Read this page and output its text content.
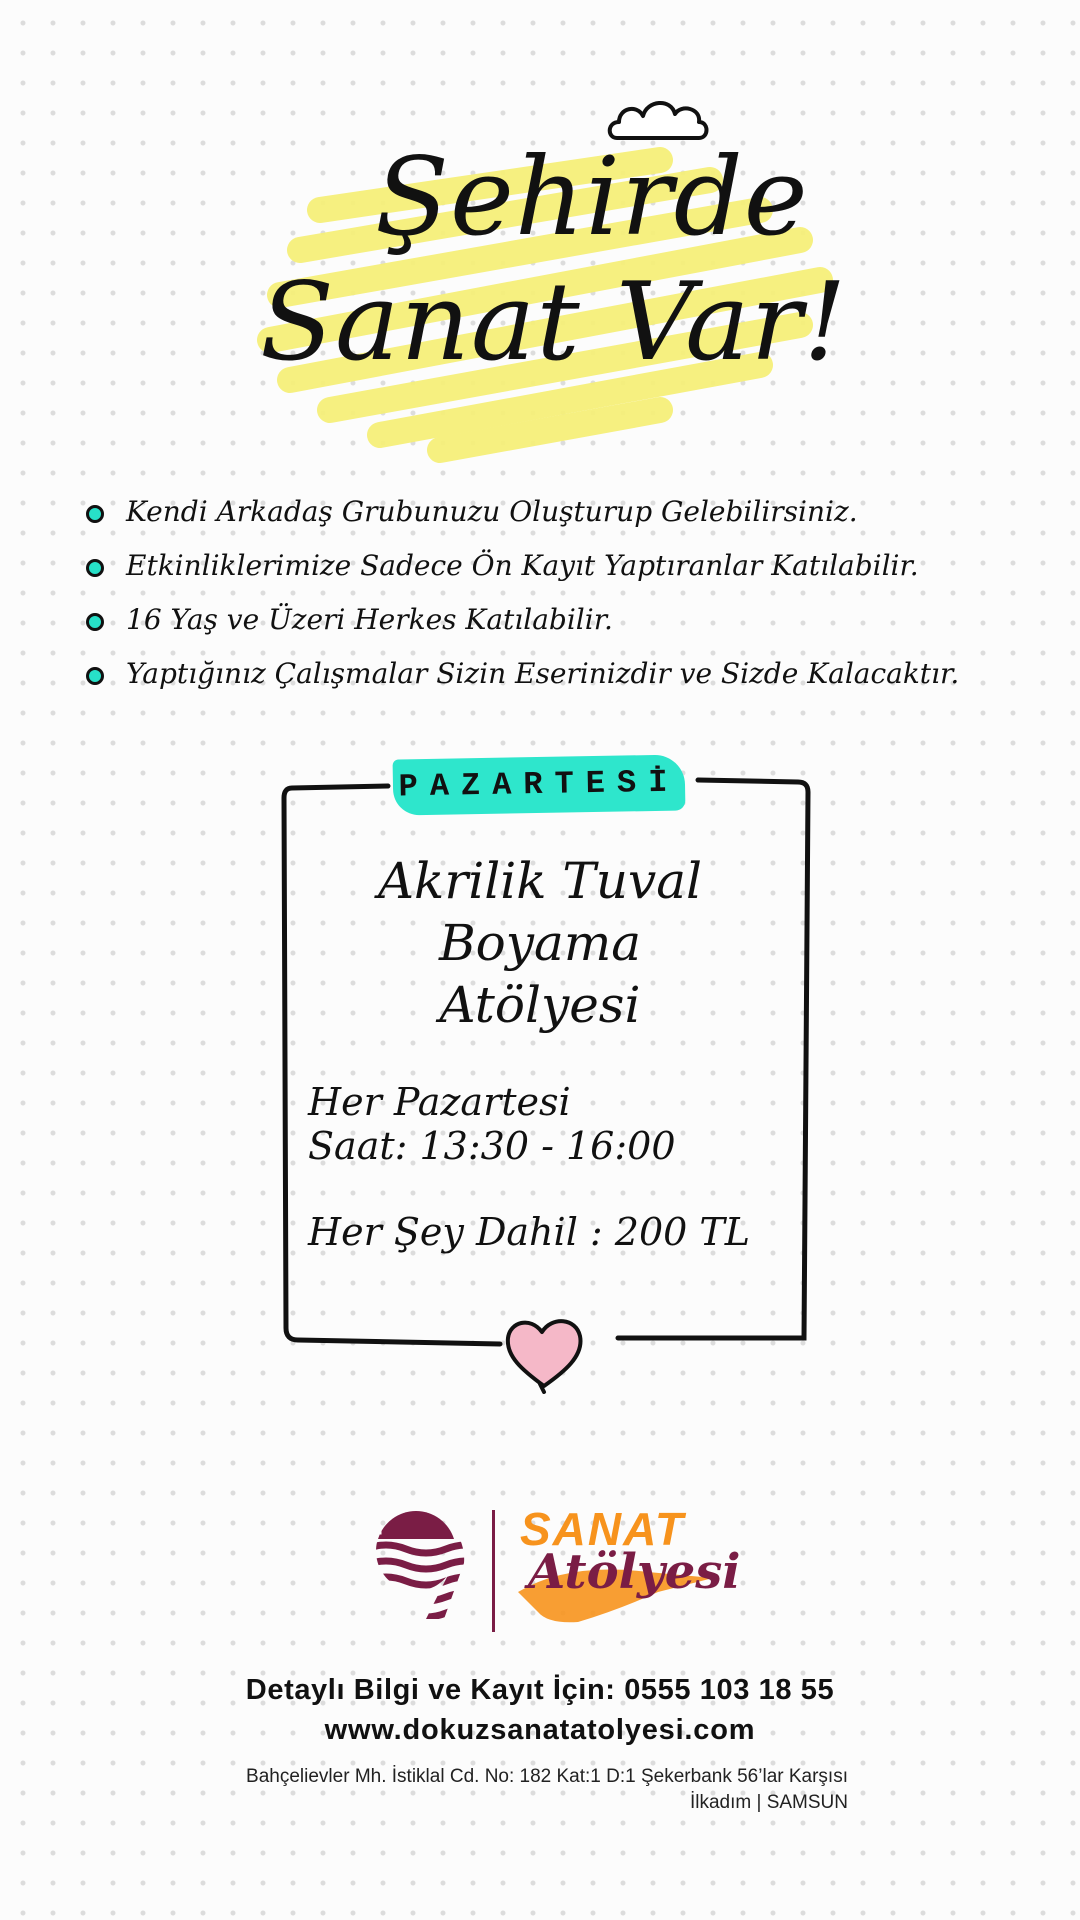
Şehirde
Sanat Var!
Kendi Arkadaş Grubunuzu Oluşturup Gelebilirsiniz.
Etkinliklerimize Sadece Ön Kayıt Yaptıranlar Katılabilir.
16 Yaş ve Üzeri Herkes Katılabilir.
Yaptığınız Çalışmalar Sizin Eserinizdir ve Sizde Kalacaktır.
PAZARTESİ
Akrilik Tuval
Boyama
Atölyesi
Her Pazartesi
Saat: 13:30 - 16:00
Her Şey Dahil : 200 TL
SANAT
Atölyesi
Detaylı Bilgi ve Kayıt İçin: 0555 103 18 55
www.dokuzsanatatolyesi.com
Bahçelievler Mh. İstiklal Cd. No: 182 Kat:1 D:1 Şekerbank 56’lar Karşısı
İlkadım | SAMSUN
